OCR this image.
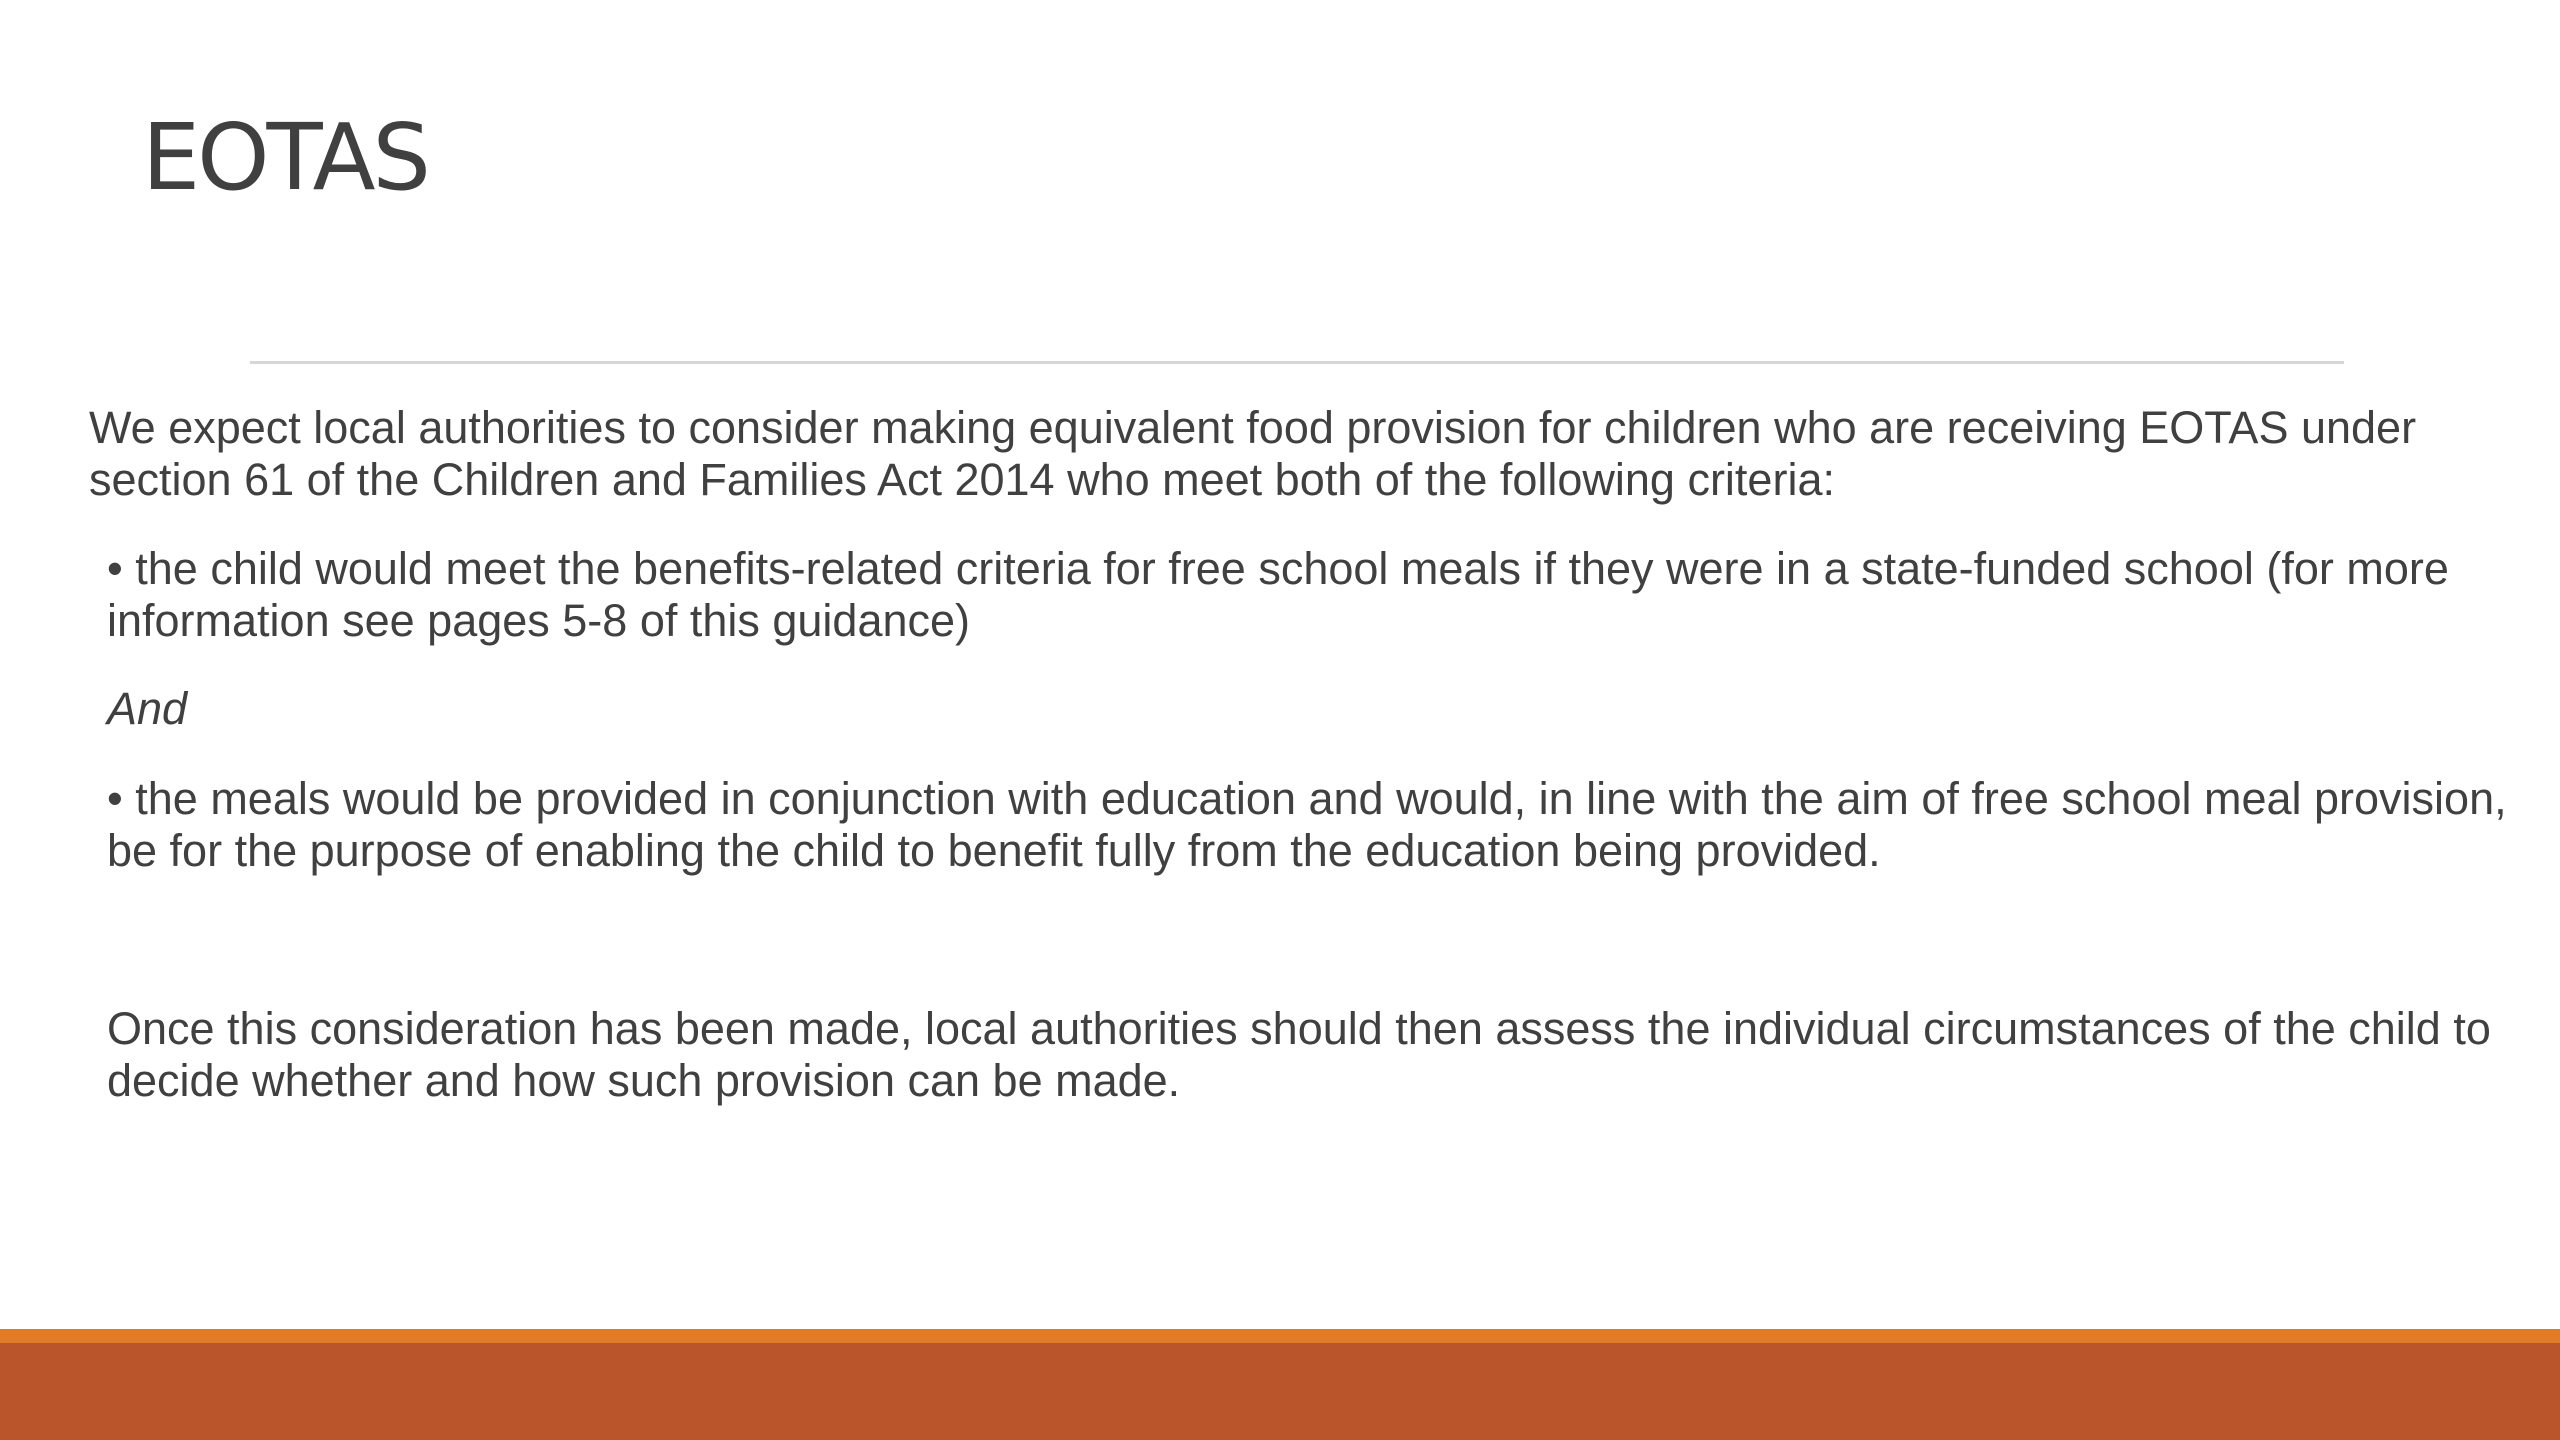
EOTAS

We expect local authorities to consider making equivalent food provision for children who are receiving EOTAS under section 61 of the Children and Families Act 2014 who meet both of the following criteria:

• the child would meet the benefits-related criteria for free school meals if they were in a state-funded school (for more information see pages 5-8 of this guidance)

And

• the meals would be provided in conjunction with education and would, in line with the aim of free school meal provision, be for the purpose of enabling the child to benefit fully from the education being provided.

Once this consideration has been made, local authorities should then assess the individual circumstances of the child to decide whether and how such provision can be made.
